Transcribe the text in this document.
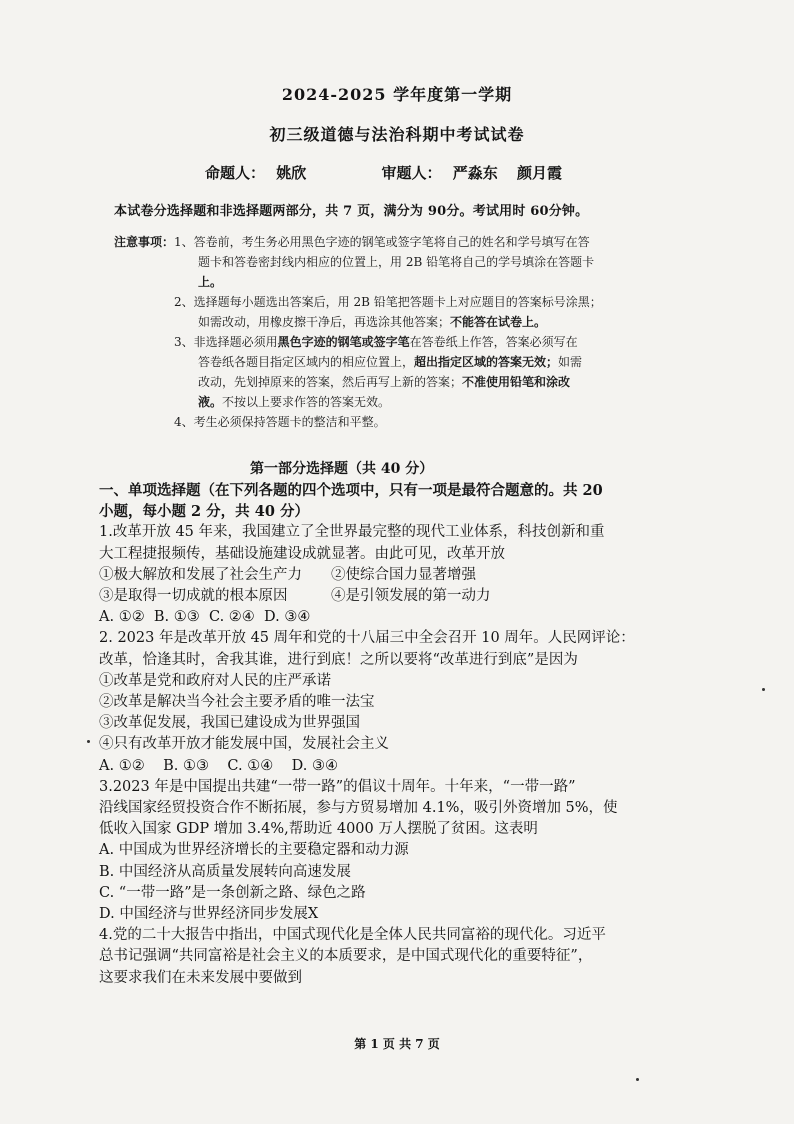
2024-2025 学年度第一学期
初三级道德与法治科期中考试试卷
命题人： 姚欣	审题人： 严淼东 颜月霞
本试卷分选择题和非选择题两部分，共 7 页，满分为 90分。考试用时 60分钟。
注意事项：1、答卷前，考生务必用黑色字迹的钢笔或签字笔将自己的姓名和学号填写在答
题卡和答卷密封线内相应的位置上，用 2B 铅笔将自己的学号填涂在答题卡
上。
2、选择题每小题选出答案后，用 2B 铅笔把答题卡上对应题目的答案标号涂黑；
如需改动，用橡皮擦干净后，再选涂其他答案；不能答在试卷上。
3、非选择题必须用黑色字迹的钢笔或签字笔在答卷纸上作答，答案必须写在
答卷纸各题目指定区域内的相应位置上，超出指定区域的答案无效；如需
改动，先划掉原来的答案，然后再写上新的答案；不准使用铅笔和涂改
液。不按以上要求作答的答案无效。
4、考生必须保持答题卡的整洁和平整。
第一部分选择题（共 40 分）
一、单项选择题（在下列各题的四个选项中，只有一项是最符合题意的。共 20
小题，每小题 2 分，共 40 分）
1.改革开放 45 年来，我国建立了全世界最完整的现代工业体系，科技创新和重
大工程捷报频传，基础设施建设成就显著。由此可见，改革开放
①极大解放和发展了社会生产力 ②使综合国力显著增强
③是取得一切成就的根本原因	④是引领发展的第一动力
A. ①②  B. ①③  C. ②④  D. ③④
2. 2023 年是改革开放 45 周年和党的十八届三中全会召开 10 周年。人民网评论：
改革，恰逢其时，舍我其谁，进行到底！之所以要将“改革进行到底”是因为
①改革是党和政府对人民的庄严承诺
②改革是解决当今社会主要矛盾的唯一法宝
③改革促发展，我国已建设成为世界强国
④只有改革开放才能发展中国，发展社会主义
A. ①②    B. ①③    C. ①④    D. ③④
3.2023 年是中国提出共建“一带一路”的倡议十周年。十年来，“一带一路”
沿线国家经贸投资合作不断拓展，参与方贸易增加 4.1%，吸引外资增加 5%，使
低收入国家 GDP 增加 3.4%,帮助近 4000 万人摆脱了贫困。这表明
A. 中国成为世界经济增长的主要稳定器和动力源
B. 中国经济从高质量发展转向高速发展
C. “一带一路”是一条创新之路、绿色之路
D. 中国经济与世界经济同步发展X
4.党的二十大报告中指出，中国式现代化是全体人民共同富裕的现代化。习近平
总书记强调“共同富裕是社会主义的本质要求，是中国式现代化的重要特征”，
这要求我们在未来发展中要做到
第 1 页 共 7 页
